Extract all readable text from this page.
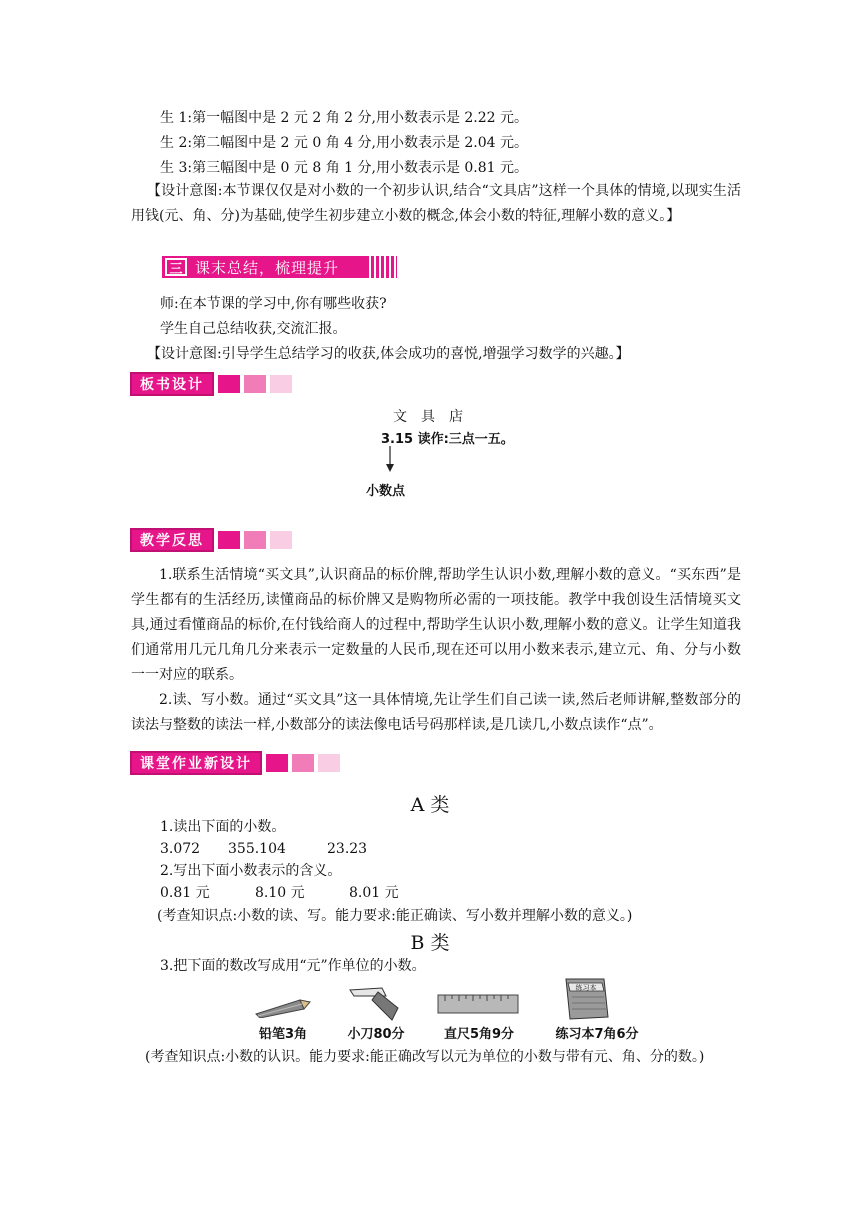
生 1:第一幅图中是 2 元 2 角 2 分,用小数表示是 2.22 元。
生 2:第二幅图中是 2 元 0 角 4 分,用小数表示是 2.04 元。
生 3:第三幅图中是 0 元 8 角 1 分,用小数表示是 0.81 元。
【设计意图:本节课仅仅是对小数的一个初步认识,结合“文具店”这样一个具体的情境,以现实生活用钱(元、角、分)为基础,使学生初步建立小数的概念,体会小数的特征,理解小数的意义。】
三 课末总结，梳理提升
师:在本节课的学习中,你有哪些收获?
学生自己总结收获,交流汇报。
【设计意图:引导学生总结学习的收获,体会成功的喜悦,增强学习数学的兴趣。】
板书设计
文　具　店
3.15 读作:三点一五。
小数点
教学反思
1.联系生活情境“买文具”,认识商品的标价牌,帮助学生认识小数,理解小数的意义。“买东西”是学生都有的生活经历,读懂商品的标价牌又是购物所必需的一项技能。教学中我创设生活情境买文具,通过看懂商品的标价,在付钱给商人的过程中,帮助学生认识小数,理解小数的意义。让学生知道我们通常用几元几角几分来表示一定数量的人民币,现在还可以用小数来表示,建立元、角、分与小数一一对应的联系。
2.读、写小数。通过“买文具”这一具体情境,先让学生们自己读一读,然后老师讲解,整数部分的读法与整数的读法一样,小数部分的读法像电话号码那样读,是几读几,小数点读作“点”。
课堂作业新设计
A 类
1.读出下面的小数。
3.072 355.104	23.23
2.写出下面小数表示的含义。
0.81 元	8.10 元	8.01 元
(考查知识点:小数的读、写。能力要求:能正确读、写小数并理解小数的意义。)
B 类
3.把下面的数改写成用“元”作单位的小数。
铅笔3角	小刀80分	直尺5角9分
练习本
练习本7角6分
(考查知识点:小数的认识。能力要求:能正确改写以元为单位的小数与带有元、角、分的数。)
